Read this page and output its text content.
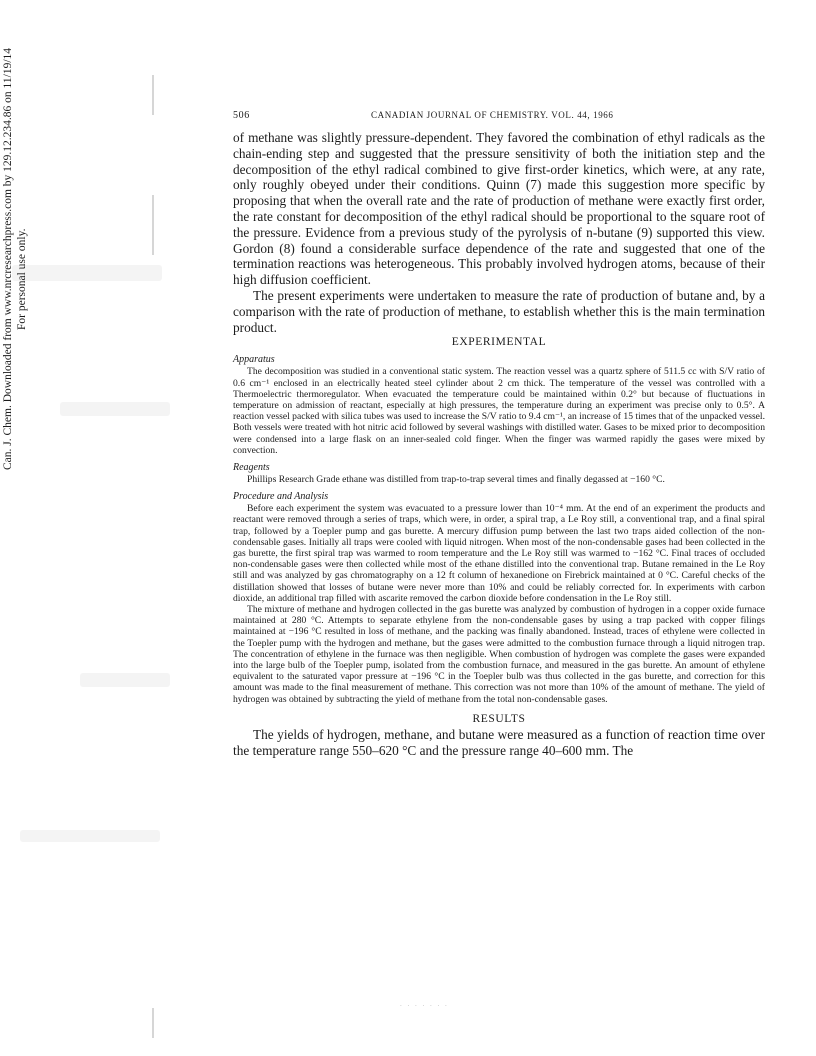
Can. J. Chem. Downloaded from www.nrcresearchpress.com by 129.12.234.86 on 11/19/14 For personal use only.
506	CANADIAN JOURNAL OF CHEMISTRY. VOL. 44, 1966

of methane was slightly pressure-dependent. They favored the combination of ethyl radicals as the chain-ending step and suggested that the pressure sensitivity of both the initiation step and the decomposition of the ethyl radical combined to give first-order kinetics, which were, at any rate, only roughly obeyed under their conditions. Quinn (7) made this suggestion more specific by proposing that when the overall rate and the rate of production of methane were exactly first order, the rate constant for decomposition of the ethyl radical should be proportional to the square root of the pressure. Evidence from a previous study of the pyrolysis of n-butane (9) supported this view. Gordon (8) found a considerable surface dependence of the rate and suggested that one of the termination reactions was heterogeneous. This probably involved hydrogen atoms, because of their high diffusion coefficient.

The present experiments were undertaken to measure the rate of production of butane and, by a comparison with the rate of production of methane, to establish whether this is the main termination product.

EXPERIMENTAL
Apparatus

The decomposition was studied in a conventional static system. The reaction vessel was a quartz sphere of 511.5 cc with S/V ratio of 0.6 cm⁻¹ enclosed in an electrically heated steel cylinder about 2 cm thick. The temperature of the vessel was controlled with a Thermoelectric thermoregulator. When evacuated the temperature could be maintained within 0.2° but because of fluctuations in temperature on admission of reactant, especially at high pressures, the temperature during an experiment was precise only to 0.5°. A reaction vessel packed with silica tubes was used to increase the S/V ratio to 9.4 cm⁻¹, an increase of 15 times that of the unpacked vessel. Both vessels were treated with hot nitric acid followed by several washings with distilled water. Gases to be mixed prior to decomposition were condensed into a large flask on an inner-sealed cold finger. When the finger was warmed rapidly the gases were mixed by convection.

Reagents

Phillips Research Grade ethane was distilled from trap-to-trap several times and finally degassed at −160 °C.

Procedure and Analysis

Before each experiment the system was evacuated to a pressure lower than 10⁻⁴ mm. At the end of an experiment the products and reactant were removed through a series of traps, which were, in order, a spiral trap, a Le Roy still, a conventional trap, and a final spiral trap, followed by a Toepler pump and gas burette. A mercury diffusion pump between the last two traps aided collection of the non-condensable gases. Initially all traps were cooled with liquid nitrogen. When most of the non-condensable gases had been collected in the gas burette, the first spiral trap was warmed to room temperature and the Le Roy still was warmed to −162 °C. Final traces of occluded non-condensable gases were then collected while most of the ethane distilled into the conventional trap. Butane remained in the Le Roy still and was analyzed by gas chromatography on a 12 ft column of hexanedione on Firebrick maintained at 0 °C. Careful checks of the distillation showed that losses of butane were never more than 10% and could be reliably corrected for. In experiments with carbon dioxide, an additional trap filled with ascarite removed the carbon dioxide before condensation in the Le Roy still.

The mixture of methane and hydrogen collected in the gas burette was analyzed by combustion of hydrogen in a copper oxide furnace maintained at 280 °C. Attempts to separate ethylene from the non-condensable gases by using a trap packed with copper filings maintained at −196 °C resulted in loss of methane, and the packing was finally abandoned. Instead, traces of ethylene were collected in the Toepler pump with the hydrogen and methane, but the gases were admitted to the combustion furnace through a liquid nitrogen trap. The concentration of ethylene in the furnace was then negligible. When combustion of hydrogen was complete the gases were expanded into the large bulb of the Toepler pump, isolated from the combustion furnace, and measured in the gas burette. An amount of ethylene equivalent to the saturated vapor pressure at −196 °C in the Toepler bulb was thus collected in the gas burette, and correction for this amount was made to the final measurement of methane. This correction was not more than 10% of the amount of methane. The yield of hydrogen was obtained by subtracting the yield of methane from the total non-condensable gases.

RESULTS

The yields of hydrogen, methane, and butane were measured as a function of reaction time over the temperature range 550–620 °C and the pressure range 40–600 mm. The

. . . . . . .
